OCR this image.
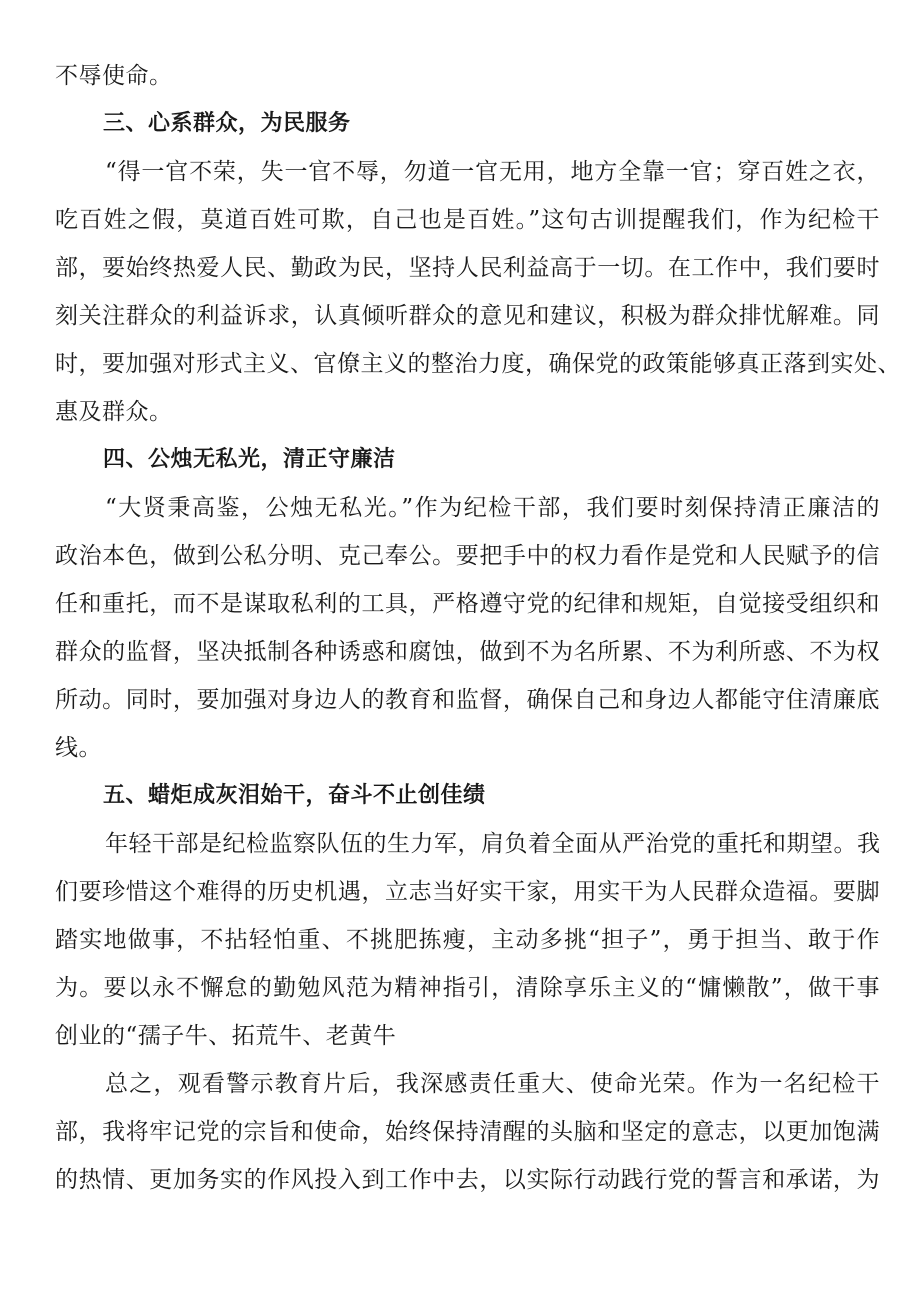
不辱使命。
三、心系群众，为民服务
“得一官不荣，失一官不辱，勿道一官无用，地方全靠一官；穿百姓之衣，
吃百姓之假，莫道百姓可欺，自己也是百姓。”这句古训提醒我们，作为纪检干
部，要始终热爱人民、勤政为民，坚持人民利益高于一切。在工作中，我们要时
刻关注群众的利益诉求，认真倾听群众的意见和建议，积极为群众排忧解难。同
时，要加强对形式主义、官僚主义的整治力度，确保党的政策能够真正落到实处、
惠及群众。
四、公烛无私光，清正守廉洁
“大贤秉高鉴，公烛无私光。”作为纪检干部，我们要时刻保持清正廉洁的
政治本色，做到公私分明、克己奉公。要把手中的权力看作是党和人民赋予的信
任和重托，而不是谋取私利的工具，严格遵守党的纪律和规矩，自觉接受组织和
群众的监督，坚决抵制各种诱惑和腐蚀，做到不为名所累、不为利所惑、不为权
所动。同时，要加强对身边人的教育和监督，确保自己和身边人都能守住清廉底
线。
五、蜡炬成灰泪始干，奋斗不止创佳绩
年轻干部是纪检监察队伍的生力军，肩负着全面从严治党的重托和期望。我
们要珍惜这个难得的历史机遇，立志当好实干家，用实干为人民群众造福。要脚
踏实地做事，不拈轻怕重、不挑肥拣瘦，主动多挑“担子”，勇于担当、敢于作
为。要以永不懈怠的勤勉风范为精神指引，清除享乐主义的“慵懒散”，做干事
创业的“孺子牛、拓荒牛、老黄牛
总之，观看警示教育片后，我深感责任重大、使命光荣。作为一名纪检干
部，我将牢记党的宗旨和使命，始终保持清醒的头脑和坚定的意志，以更加饱满
的热情、更加务实的作风投入到工作中去，以实际行动践行党的誓言和承诺，为
